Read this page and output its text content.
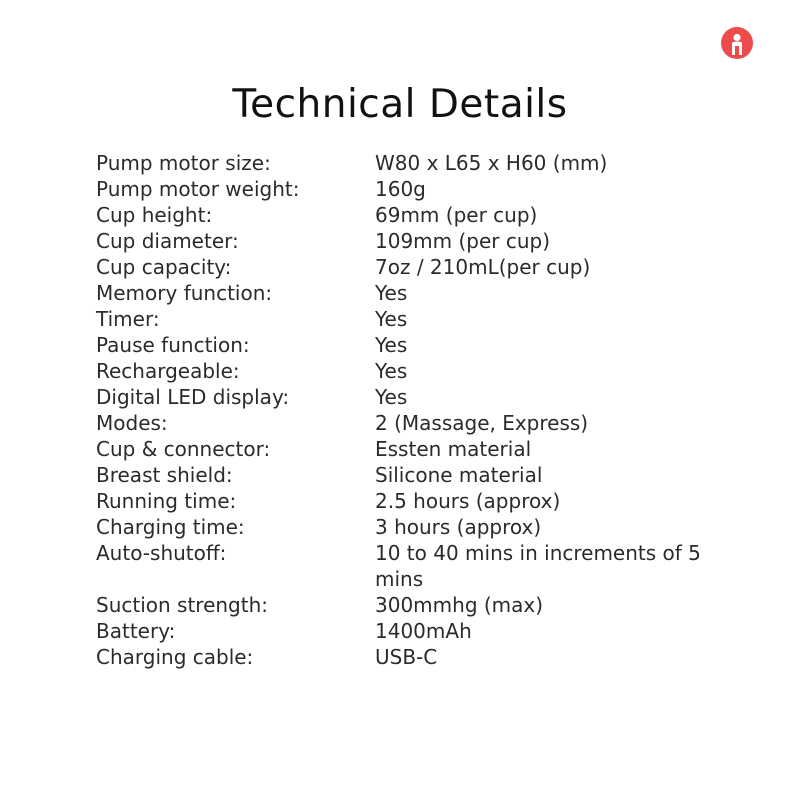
Technical Details
Pump motor size:	W80 x L65 x H60 (mm)
Pump motor weight:	160g
Cup height:	69mm (per cup)
Cup diameter:	109mm (per cup)
Cup capacity:	7oz / 210mL(per cup)
Memory function:	Yes
Timer:	Yes
Pause function:	Yes
Rechargeable:	Yes
Digital LED display:	Yes
Modes:	2 (Massage, Express)
Cup & connector:	Essten material
Breast shield:	Silicone material
Running time:	2.5 hours (approx)
Charging time:	3 hours (approx)
Auto-shutoff:	10 to 40 mins in increments of 5 mins
Suction strength:	300mmhg (max)
Battery:	1400mAh
Charging cable:	USB-C
